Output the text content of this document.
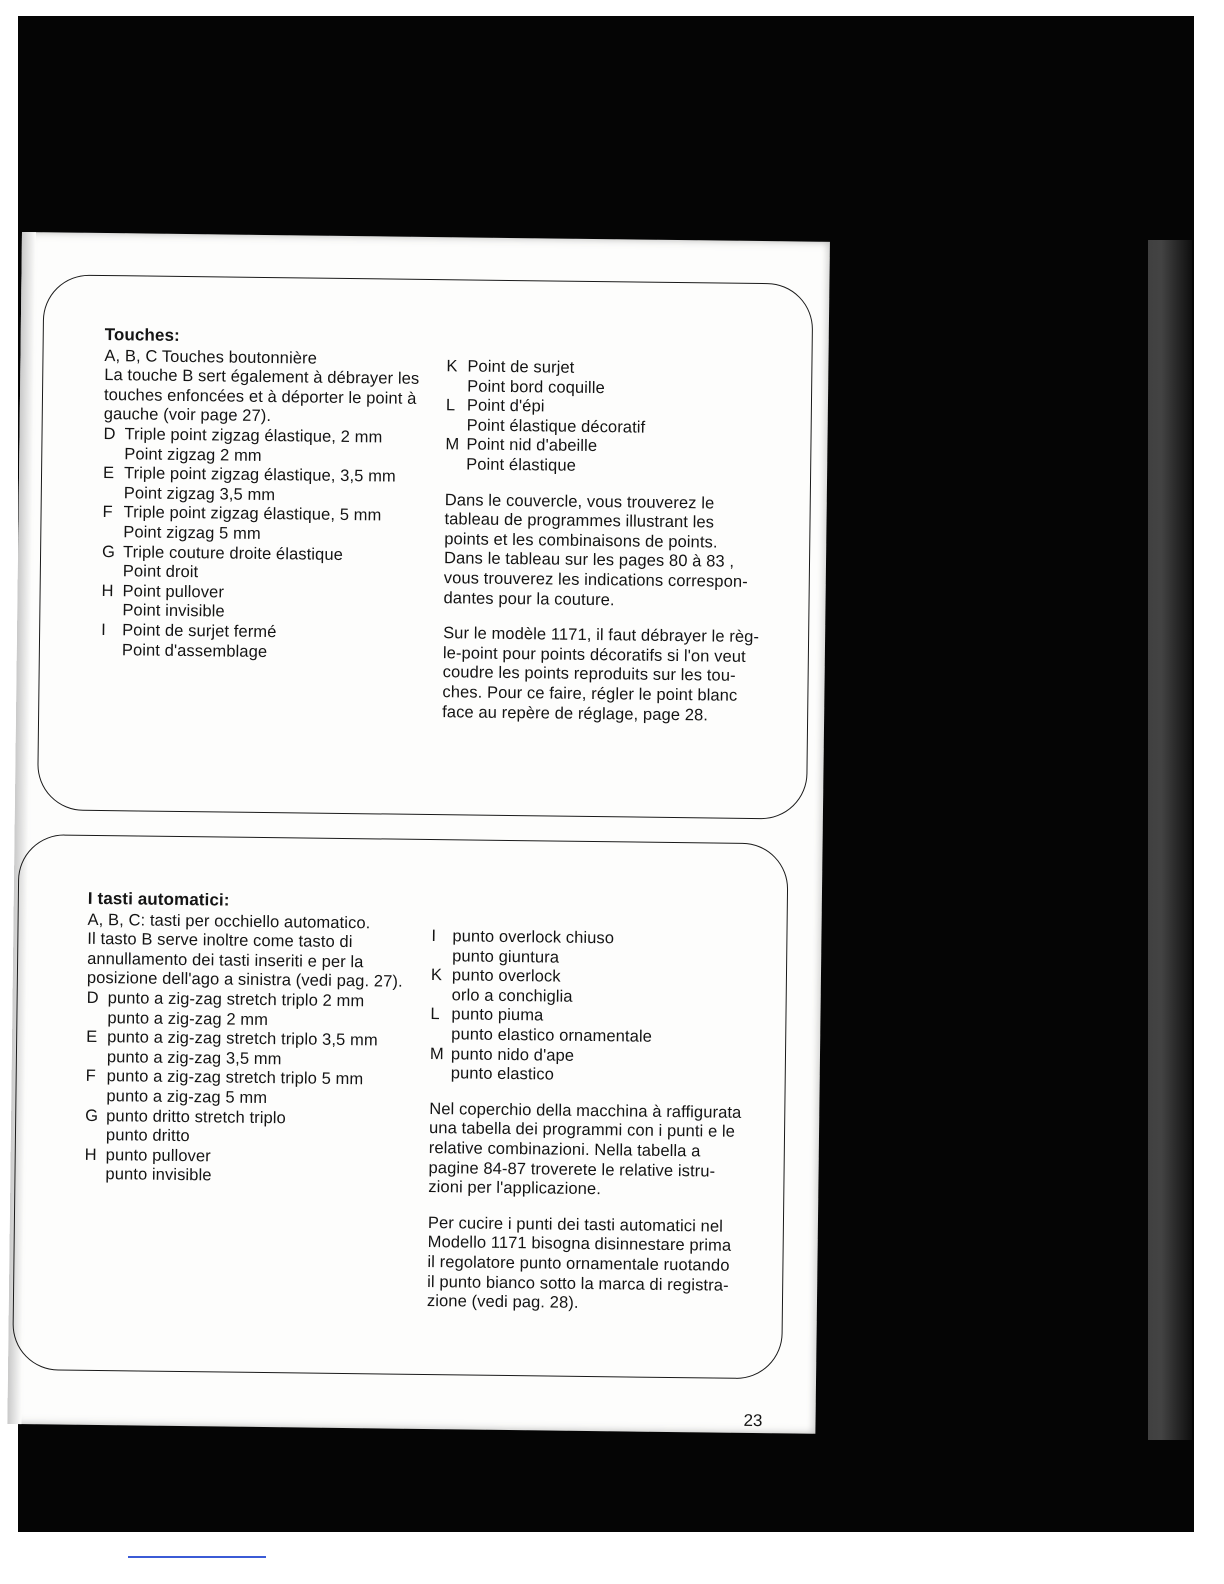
Touches:

A, B, C Touches boutonnière
La touche B sert également à débrayer les
touches enfoncées et à déporter le point à
gauche (voir page 27).
D Triple point zigzag élastique, 2 mm
Point zigzag 2 mm
E Triple point zigzag élastique, 3,5 mm
Point zigzag 3,5 mm
F Triple point zigzag élastique, 5 mm
Point zigzag 5 mm
G Triple couture droite élastique
Point droit
H Point pullover
Point invisible
I Point de surjet fermé
Point d'assemblage
K Point de surjet
Point bord coquille
L Point d'épi
Point élastique décoratif
M Point nid d'abeille
Point élastique
Dans le couvercle, vous trouverez le
tableau de programmes illustrant les
points et les combinaisons de points.
Dans le tableau sur les pages 80 à 83 ,
vous trouverez les indications correspon-
dantes pour la couture.
Sur le modèle 1171, il faut débrayer le règ-
le-point pour points décoratifs si l'on veut
coudre les points reproduits sur les tou-
ches. Pour ce faire, régler le point blanc
face au repère de réglage, page 28.

I tasti automatici:

A, B, C: tasti per occhiello automatico.
Il tasto B serve inoltre come tasto di
annullamento dei tasti inseriti e per la
posizione dell'ago a sinistra (vedi pag. 27).
D punto a zig-zag stretch triplo 2 mm
punto a zig-zag 2 mm
E punto a zig-zag stretch triplo 3,5 mm
punto a zig-zag 3,5 mm
F punto a zig-zag stretch triplo 5 mm
punto a zig-zag 5 mm
G punto dritto stretch triplo
punto dritto
H punto pullover
punto invisible
I punto overlock chiuso
punto giuntura
K punto overlock
orlo a conchiglia
L punto piuma
punto elastico ornamentale
M punto nido d'ape
punto elastico
Nel coperchio della macchina à raffigurata
una tabella dei programmi con i punti e le
relative combinazioni. Nella tabella a
pagine 84-87 troverete le relative istru-
zioni per l'applicazione.
Per cucire i punti dei tasti automatici nel
Modello 1171 bisogna disinnestare prima
il regolatore punto ornamentale ruotando
il punto bianco sotto la marca di registra-
zione (vedi pag. 28).
23
